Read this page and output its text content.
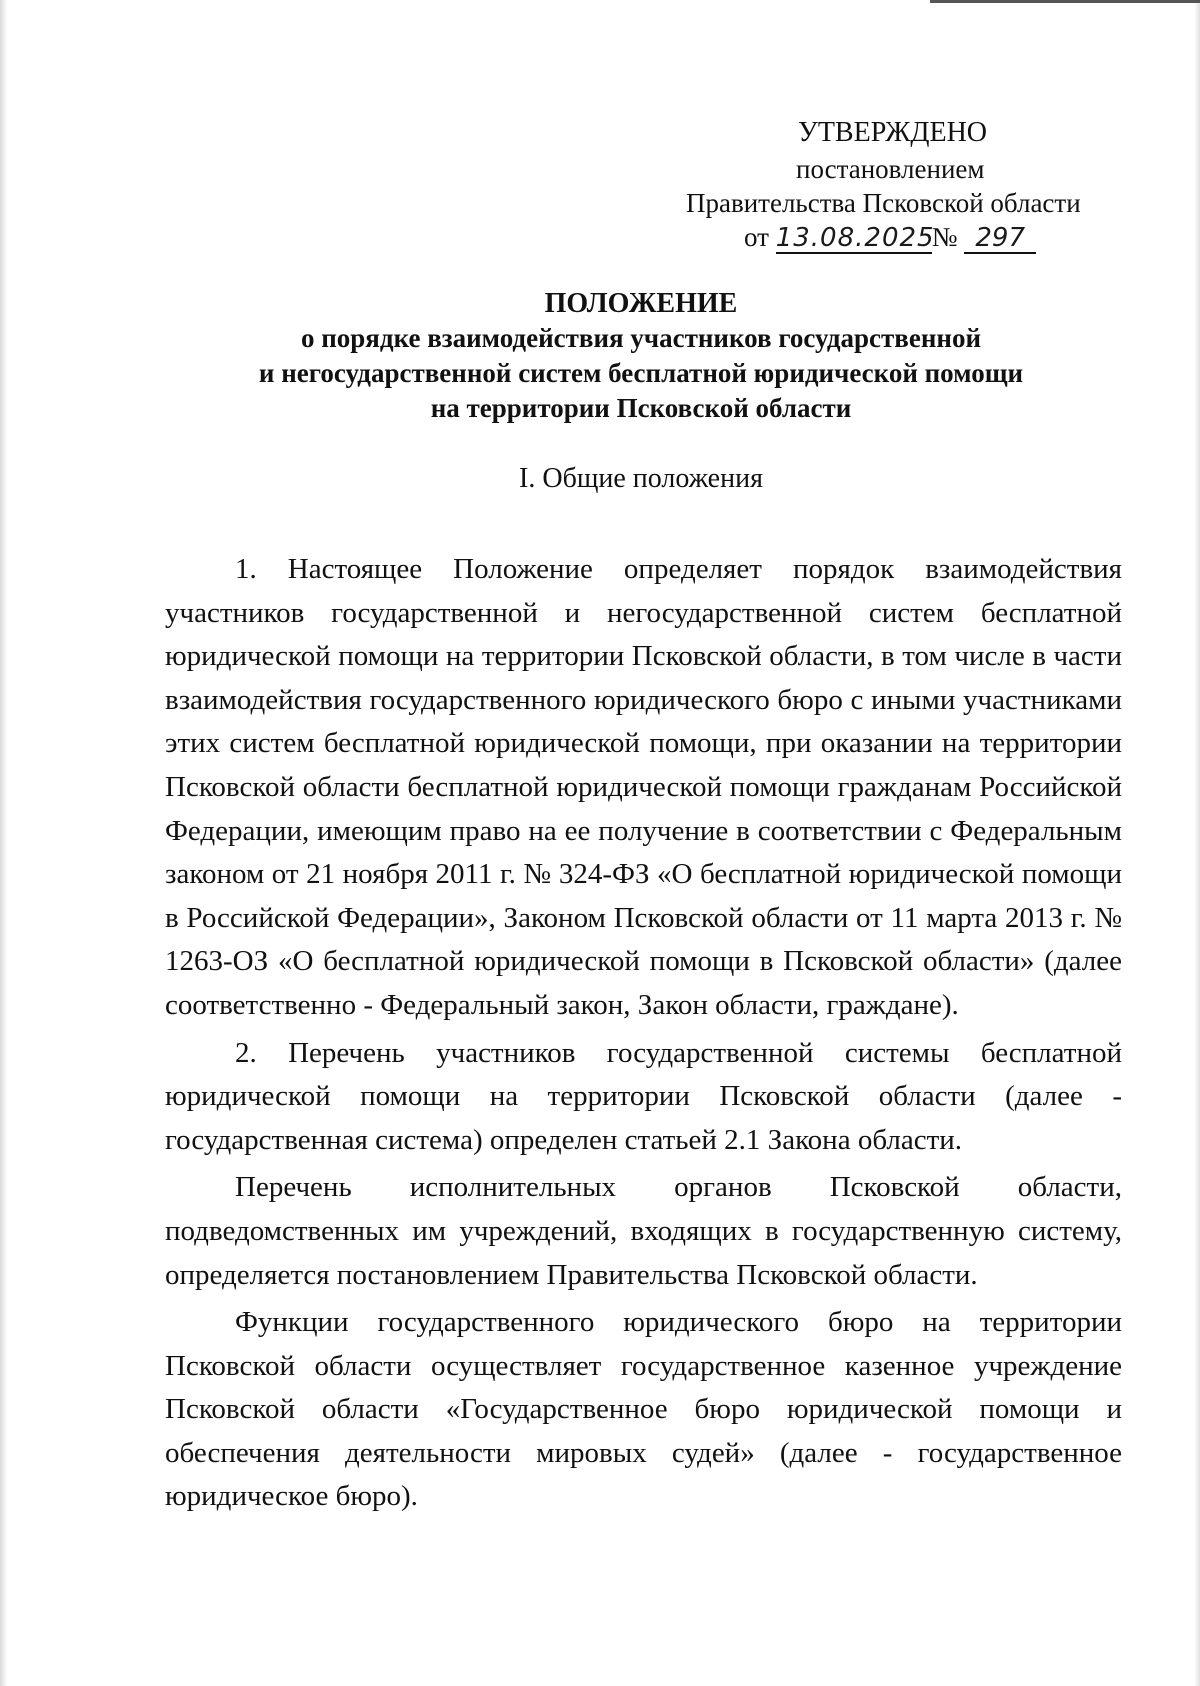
УТВЕРЖДЕНО
постановлением
Правительства Псковской области
от 13.08.2025№ 297
ПОЛОЖЕНИЕ
о порядке взаимодействия участников государственной
и негосударственной систем бесплатной юридической помощи
на территории Псковской области
I. Общие положения

1. Настоящее Положение определяет порядок взаимодействия участников государственной и негосударственной систем бесплатной юридической помощи на территории Псковской области, в том числе в части взаимодействия государственного юридического бюро с иными участниками этих систем бесплатной юридической помощи, при оказании на территории Псковской области бесплатной юридической помощи гражданам Российской Федерации, имеющим право на ее получение в соответствии с Федеральным законом от 21 ноября 2011 г. № 324-ФЗ «О бесплатной юридической помощи в Российской Федерации», Законом Псковской области от 11 марта 2013 г. № 1263-ОЗ «О бесплатной юридической помощи в Псковской области» (далее соответственно - Федеральный закон, Закон области, граждане).

2. Перечень участников государственной системы бесплатной юридической помощи на территории Псковской области (далее - государственная система) определен статьей 2.1 Закона области.

Перечень исполнительных органов Псковской области, подведомственных им учреждений, входящих в государственную систему, определяется постановлением Правительства Псковской области.

Функции государственного юридического бюро на территории Псковской области осуществляет государственное казенное учреждение Псковской области «Государственное бюро юридической помощи и обеспечения деятельности мировых судей» (далее - государственное юридическое бюро).
